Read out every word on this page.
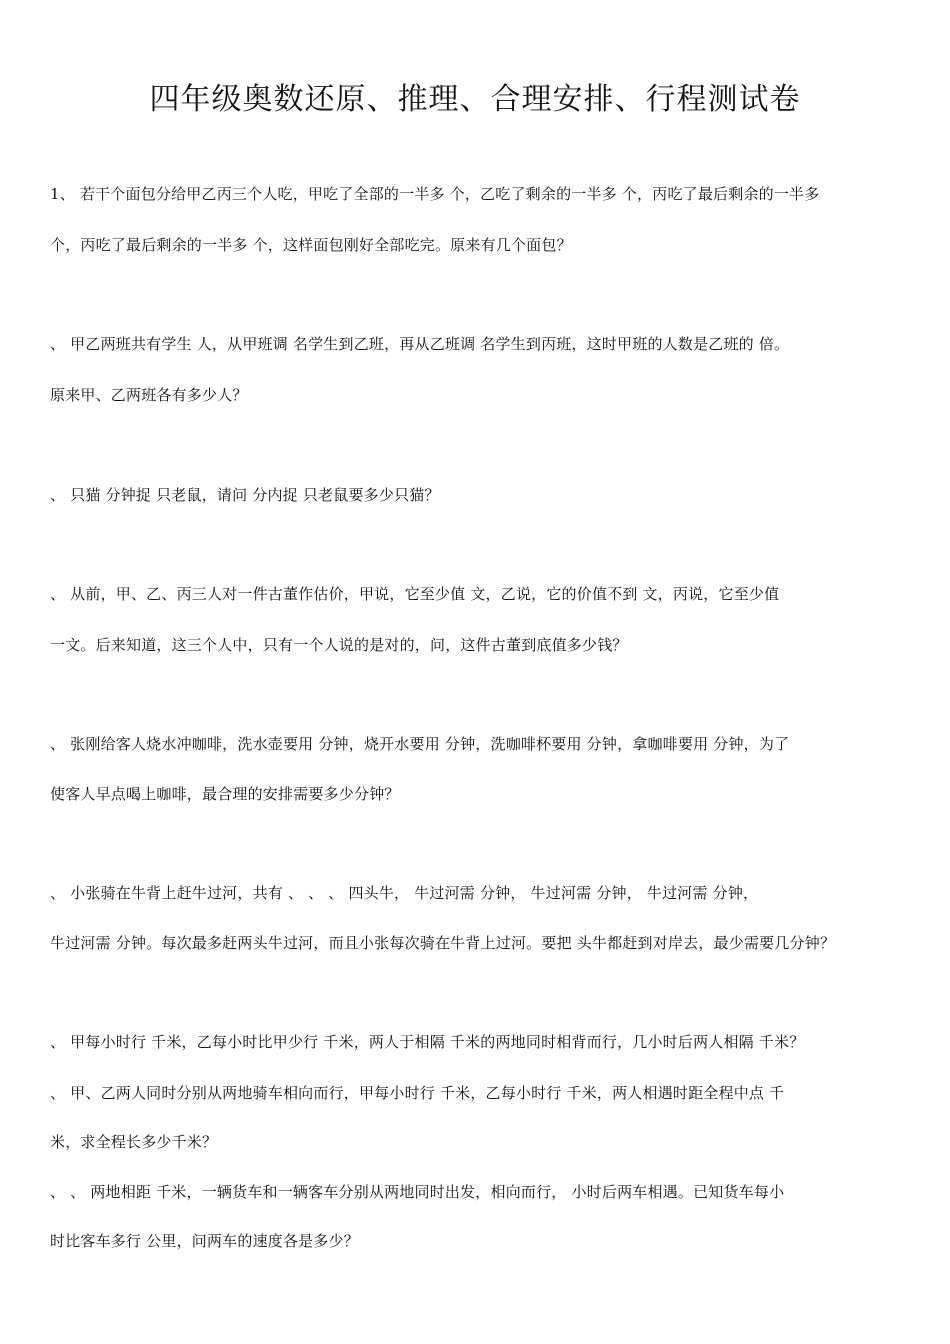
四年级奥数还原、推理、合理安排、行程测试卷
1、 若干个面包分给甲乙丙三个人吃，甲吃了全部的一半多 个，乙吃了剩余的一半多 个，丙吃了最后剩余的一半多
个，丙吃了最后剩余的一半多 个，这样面包刚好全部吃完。原来有几个面包？
、 甲乙两班共有学生 人，从甲班调 名学生到乙班，再从乙班调 名学生到丙班，这时甲班的人数是乙班的 倍。
原来甲、乙两班各有多少人？
、 只猫 分钟捉 只老鼠，请问 分内捉 只老鼠要多少只猫？
、 从前，甲、乙、丙三人对一件古董作估价，甲说，它至少值 文，乙说，它的价值不到 文，丙说，它至少值
一文。后来知道，这三个人中，只有一个人说的是对的，问，这件古董到底值多少钱？
、 张刚给客人烧水冲咖啡，洗水壶要用 分钟，烧开水要用 分钟，洗咖啡杯要用 分钟，拿咖啡要用 分钟，为了
使客人早点喝上咖啡，最合理的安排需要多少分钟？
、 小张骑在牛背上赶牛过河，共有 、 、 、 四头牛， 牛过河需 分钟， 牛过河需 分钟， 牛过河需 分钟，
牛过河需 分钟。每次最多赶两头牛过河，而且小张每次骑在牛背上过河。要把 头牛都赶到对岸去，最少需要几分钟？
、 甲每小时行 千米，乙每小时比甲少行 千米，两人于相隔 千米的两地同时相背而行，几小时后两人相隔 千米？
、 甲、乙两人同时分别从两地骑车相向而行，甲每小时行 千米，乙每小时行 千米，两人相遇时距全程中点 千
米，求全程长多少千米？
、 、 两地相距 千米，一辆货车和一辆客车分别从两地同时出发，相向而行， 小时后两车相遇。已知货车每小
时比客车多行 公里，问两车的速度各是多少？
